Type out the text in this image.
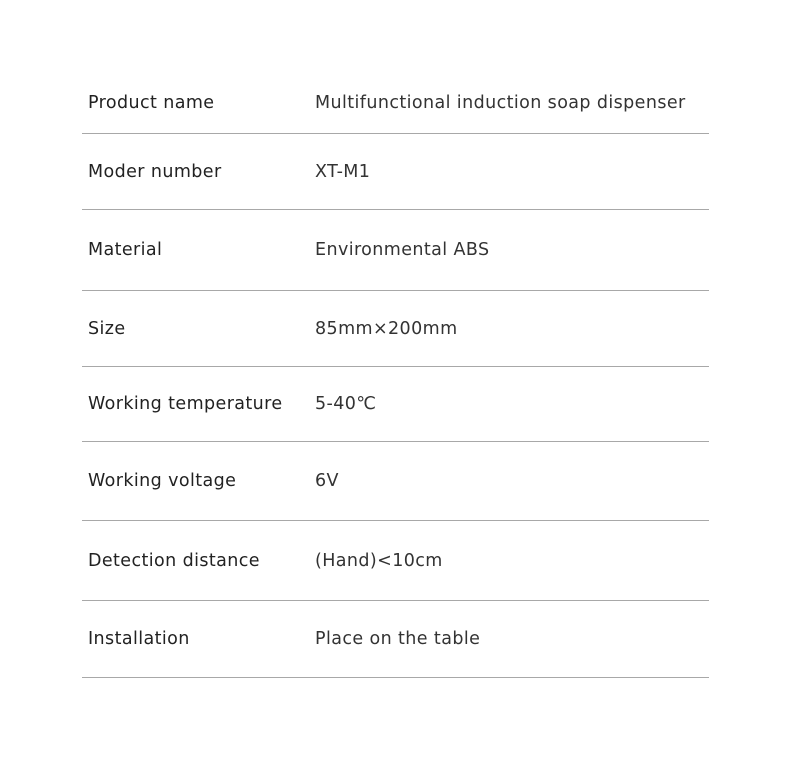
Product name	Multifunctional induction soap dispenser
Moder number	XT-M1
Material	Environmental ABS
Size	85mm×200mm
Working temperature	5-40℃
Working voltage	6V
Detection distance	(Hand)<10cm
Installation	Place on the table
